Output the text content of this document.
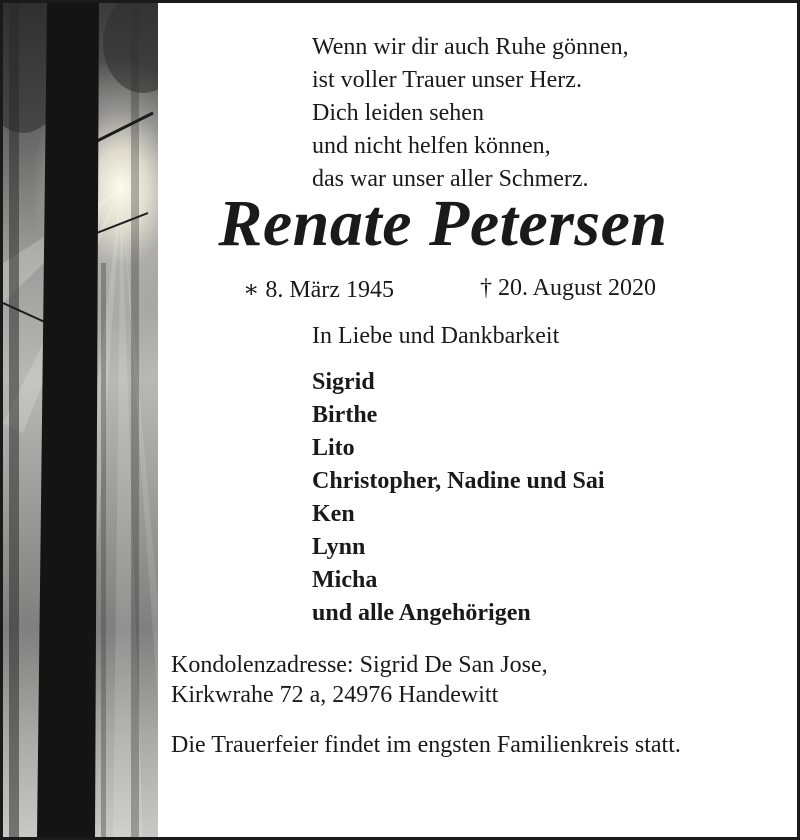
Wenn wir dir auch Ruhe gönnen,
ist voller Trauer unser Herz.
Dich leiden sehen
und nicht helfen können,
das war unser aller Schmerz.
Renate Petersen
∗ 8. März 1945	† 20. August 2020
In Liebe und Dankbarkeit
Sigrid
Birthe
Lito
Christopher, Nadine und Sai
Ken
Lynn
Micha
und alle Angehörigen
Kondolenzadresse: Sigrid De San Jose,
Kirkwrahe 72 a, 24976 Handewitt
Die Trauerfeier findet im engsten Familienkreis statt.
